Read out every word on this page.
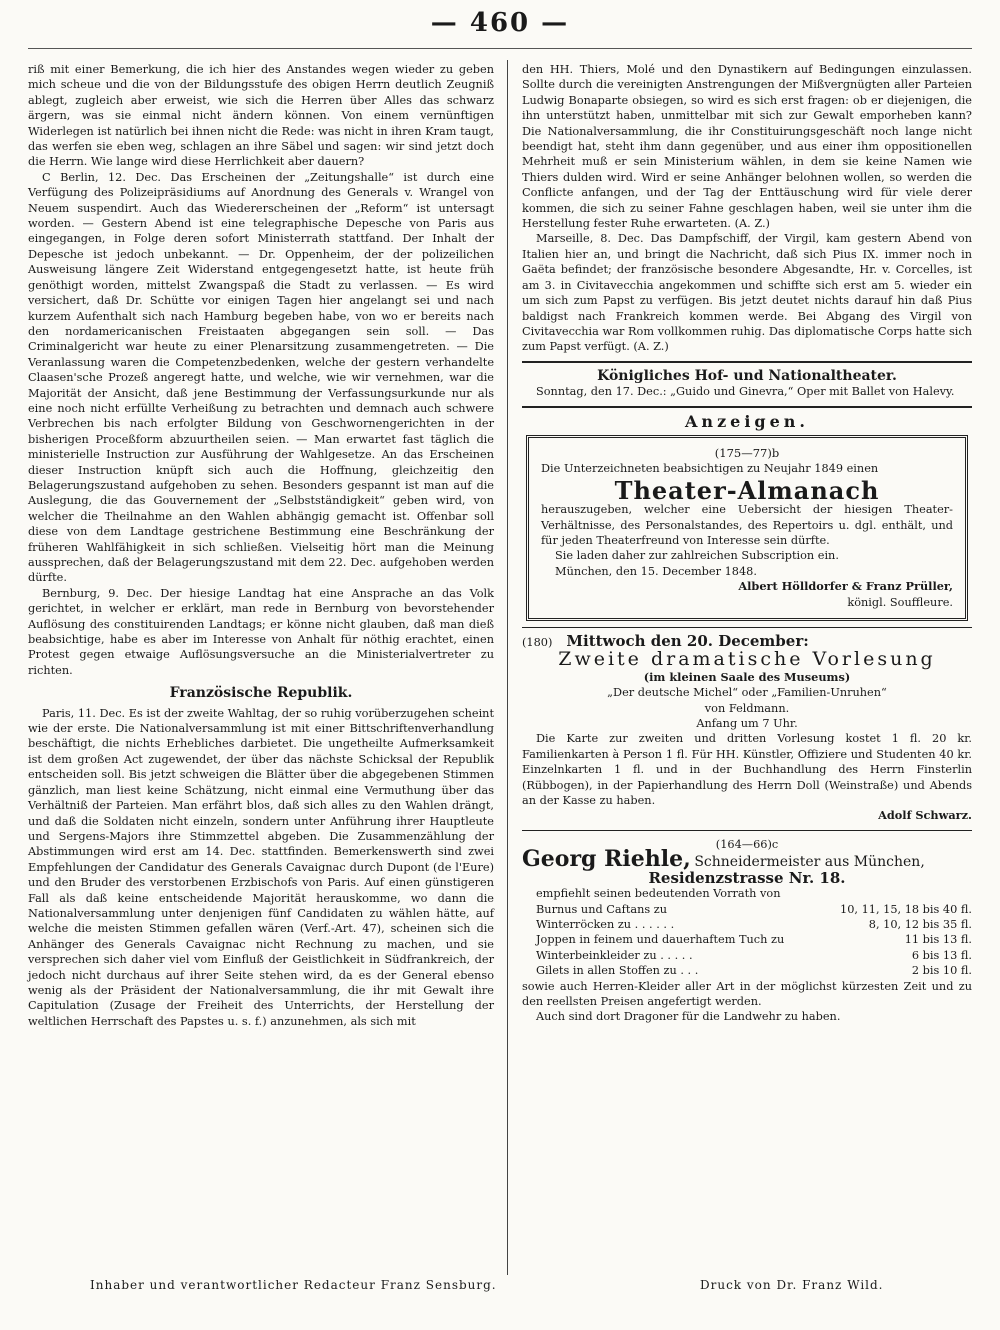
— 460 —

riß mit einer Bemerkung, die ich hier des Anstandes wegen wieder zu geben mich scheue und die von der Bildungsstufe des obigen Herrn deutlich Zeugniß ablegt, zugleich aber erweist, wie sich die Herren über Alles das schwarz ärgern, was sie einmal nicht ändern können. Von einem vernünftigen Widerlegen ist natürlich bei ihnen nicht die Rede: was nicht in ihren Kram taugt, das werfen sie eben weg, schlagen an ihre Säbel und sagen: wir sind jetzt doch die Herrn. Wie lange wird diese Herrlichkeit aber dauern?

C Berlin, 12. Dec. Das Erscheinen der „Zeitungshalle“ ist durch eine Verfügung des Polizeipräsidiums auf Anordnung des Generals v. Wrangel von Neuem suspendirt. Auch das Wiedererscheinen der „Reform“ ist untersagt worden. — Gestern Abend ist eine telegraphische Depesche von Paris aus eingegangen, in Folge deren sofort Ministerrath stattfand. Der Inhalt der Depesche ist jedoch unbekannt. — Dr. Oppenheim, der der polizeilichen Ausweisung längere Zeit Widerstand entgegengesetzt hatte, ist heute früh genöthigt worden, mittelst Zwangspaß die Stadt zu verlassen. — Es wird versichert, daß Dr. Schütte vor einigen Tagen hier angelangt sei und nach kurzem Aufenthalt sich nach Hamburg begeben habe, von wo er bereits nach den nordamericanischen Freistaaten abgegangen sein soll. — Das Criminalgericht war heute zu einer Plenarsitzung zusammengetreten. — Die Veranlassung waren die Competenzbedenken, welche der gestern verhandelte Claasen'sche Prozeß angeregt hatte, und welche, wie wir vernehmen, war die Majorität der Ansicht, daß jene Bestimmung der Verfassungsurkunde nur als eine noch nicht erfüllte Verheißung zu betrachten und demnach auch schwere Verbrechen bis nach erfolgter Bildung von Geschwornengerichten in der bisherigen Proceßform abzuurtheilen seien. — Man erwartet fast täglich die ministerielle Instruction zur Ausführung der Wahlgesetze. An das Erscheinen dieser Instruction knüpft sich auch die Hoffnung, gleichzeitig den Belagerungszustand aufgehoben zu sehen. Besonders gespannt ist man auf die Auslegung, die das Gouvernement der „Selbstständigkeit“ geben wird, von welcher die Theilnahme an den Wahlen abhängig gemacht ist. Offenbar soll diese von dem Landtage gestrichene Bestimmung eine Beschränkung der früheren Wahlfähigkeit in sich schließen. Vielseitig hört man die Meinung aussprechen, daß der Belagerungszustand mit dem 22. Dec. aufgehoben werden dürfte.

Bernburg, 9. Dec. Der hiesige Landtag hat eine Ansprache an das Volk gerichtet, in welcher er erklärt, man rede in Bernburg von bevorstehender Auflösung des constituirenden Landtags; er könne nicht glauben, daß man dieß beabsichtige, habe es aber im Interesse von Anhalt für nöthig erachtet, einen Protest gegen etwaige Auflösungsversuche an die Ministerialvertreter zu richten.

Französische Republik.

Paris, 11. Dec. Es ist der zweite Wahltag, der so ruhig vorüberzugehen scheint wie der erste. Die Nationalversammlung ist mit einer Bittschriftenverhandlung beschäftigt, die nichts Erhebliches darbietet. Die ungetheilte Aufmerksamkeit ist dem großen Act zugewendet, der über das nächste Schicksal der Republik entscheiden soll. Bis jetzt schweigen die Blätter über die abgegebenen Stimmen gänzlich, man liest keine Schätzung, nicht einmal eine Vermuthung über das Verhältniß der Parteien. Man erfährt blos, daß sich alles zu den Wahlen drängt, und daß die Soldaten nicht einzeln, sondern unter Anführung ihrer Hauptleute und Sergens-Majors ihre Stimmzettel abgeben. Die Zusammenzählung der Abstimmungen wird erst am 14. Dec. stattfinden. Bemerkenswerth sind zwei Empfehlungen der Candidatur des Generals Cavaignac durch Dupont (de l'Eure) und den Bruder des verstorbenen Erzbischofs von Paris. Auf einen günstigeren Fall als daß keine entscheidende Majorität herauskomme, wo dann die Nationalversammlung unter denjenigen fünf Candidaten zu wählen hätte, auf welche die meisten Stimmen gefallen wären (Verf.-Art. 47), scheinen sich die Anhänger des Generals Cavaignac nicht Rechnung zu machen, und sie versprechen sich daher viel vom Einfluß der Geistlichkeit in Südfrankreich, der jedoch nicht durchaus auf ihrer Seite stehen wird, da es der General ebenso wenig als der Präsident der Nationalversammlung, die ihr mit Gewalt ihre Capitulation (Zusage der Freiheit des Unterrichts, der Herstellung der weltlichen Herrschaft des Papstes u. s. f.) anzunehmen, als sich mit

den HH. Thiers, Molé und den Dynastikern auf Bedingungen einzulassen. Sollte durch die vereinigten Anstrengungen der Mißvergnügten aller Parteien Ludwig Bonaparte obsiegen, so wird es sich erst fragen: ob er diejenigen, die ihn unterstützt haben, unmittelbar mit sich zur Gewalt emporheben kann? Die Nationalversammlung, die ihr Constituirungsgeschäft noch lange nicht beendigt hat, steht ihm dann gegenüber, und aus einer ihm oppositionellen Mehrheit muß er sein Ministerium wählen, in dem sie keine Namen wie Thiers dulden wird. Wird er seine Anhänger belohnen wollen, so werden die Conflicte anfangen, und der Tag der Enttäuschung wird für viele derer kommen, die sich zu seiner Fahne geschlagen haben, weil sie unter ihm die Herstellung fester Ruhe erwarteten. (A. Z.)

Marseille, 8. Dec. Das Dampfschiff, der Virgil, kam gestern Abend von Italien hier an, und bringt die Nachricht, daß sich Pius IX. immer noch in Gaëta befindet; der französische besondere Abgesandte, Hr. v. Corcelles, ist am 3. in Civitavecchia angekommen und schiffte sich erst am 5. wieder ein um sich zum Papst zu verfügen. Bis jetzt deutet nichts darauf hin daß Pius baldigst nach Frankreich kommen werde. Bei Abgang des Virgil von Civitavecchia war Rom vollkommen ruhig. Das diplomatische Corps hatte sich zum Papst verfügt. (A. Z.)

Königliches Hof- und Nationaltheater.

Sonntag, den 17. Dec.: „Guido und Ginevra,“ Oper mit Ballet von Halevy.

Anzeigen.
(175—77)b

Die Unterzeichneten beabsichtigen zu Neujahr 1849 einen

Theater-Almanach

herauszugeben, welcher eine Uebersicht der hiesigen Theater-Verhältnisse, des Personalstandes, des Repertoirs u. dgl. enthält, und für jeden Theaterfreund von Interesse sein dürfte.

Sie laden daher zur zahlreichen Subscription ein.

München, den 15. December 1848.

Albert Hölldorfer & Franz Prüller,
königl. Souffleure.
(180) Mittwoch den 20. December:
Zweite dramatische Vorlesung
(im kleinen Saale des Museums)
„Der deutsche Michel“ oder „Familien-Unruhen“
von Feldmann.
Anfang um 7 Uhr.

Die Karte zur zweiten und dritten Vorlesung kostet 1 fl. 20 kr. Familienkarten à Person 1 fl. Für HH. Künstler, Offiziere und Studenten 40 kr. Einzelnkarten 1 fl. und in der Buchhandlung des Herrn Finsterlin (Rübbogen), in der Papierhandlung des Herrn Doll (Weinstraße) und Abends an der Kasse zu haben.

Adolf Schwarz.
(164—66)c
Georg Riehle, Schneidermeister aus München,
Residenzstrasse Nr. 18.

empfiehlt seinen bedeutenden Vorrath von

Burnus und Caftans zu	10, 11, 15, 18 bis 40 fl.
Winterröcken zu . . . . . .	8, 10, 12 bis 35 fl.
Joppen in feinem und dauerhaftem Tuch zu	11 bis 13 fl.
Winterbeinkleider zu . . . . .	6 bis 13 fl.
Gilets in allen Stoffen zu . . .	2 bis 10 fl.

sowie auch Herren-Kleider aller Art in der möglichst kürzesten Zeit und zu den reellsten Preisen angefertigt werden.

Auch sind dort Dragoner für die Landwehr zu haben.

Inhaber und verantwortlicher Redacteur Franz Sensburg.	Druck von Dr. Franz Wild.
